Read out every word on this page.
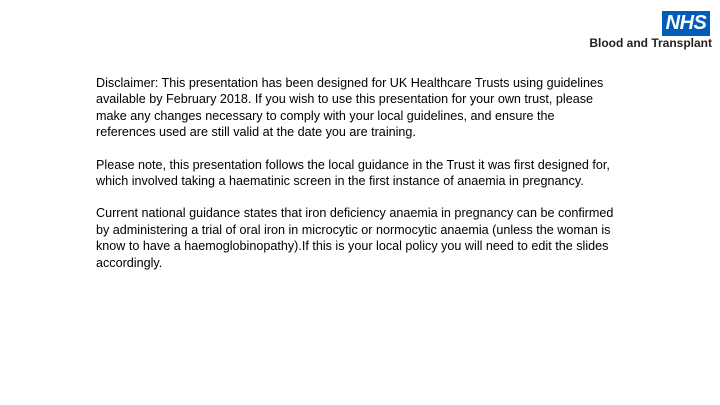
NHS
Blood and Transplant

Disclaimer: This presentation has been designed for UK Healthcare Trusts using guidelines available by February 2018. If you wish to use this presentation for your own trust, please make any changes necessary to comply with your local guidelines, and ensure the references used are still valid at the date you are training.

Please note, this presentation follows the local guidance in the Trust it was first designed for, which involved taking a haematinic screen in the first instance of anaemia in pregnancy.

Current national guidance states that iron deficiency anaemia in pregnancy can be confirmed by administering a trial of oral iron in microcytic or normocytic anaemia (unless the woman is know to have a haemoglobinopathy).If this is your local policy you will need to edit the slides accordingly.
